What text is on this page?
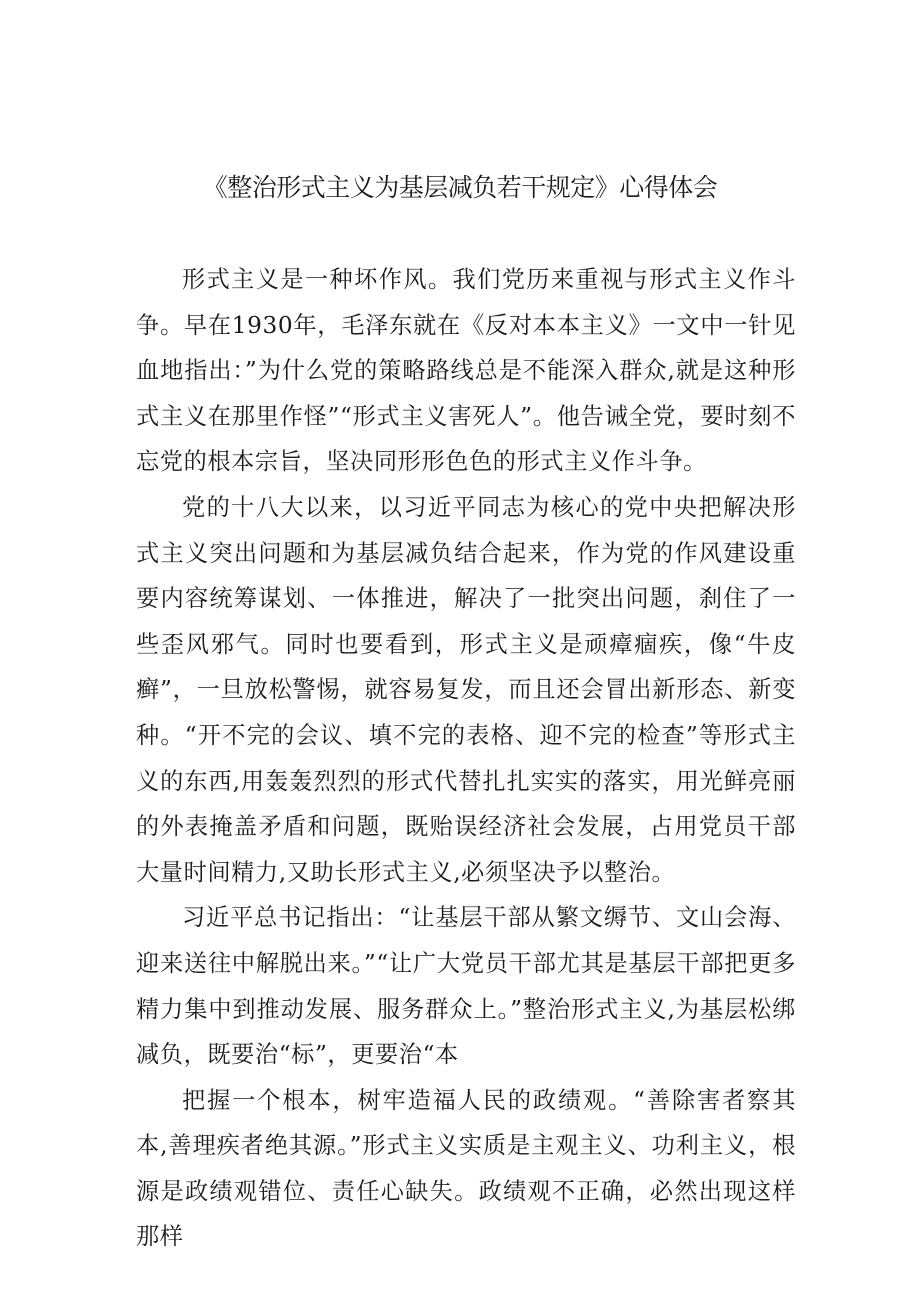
《整治形式主义为基层减负若干规定》心得体会

形式主义是一种坏作风。我们党历来重视与形式主义作斗争。早在1930年，毛泽东就在《反对本本主义》一文中一针见血地指出：”为什么党的策略路线总是不能深入群众,就是这种形式主义在那里作怪”“形式主义害死人”。他告诫全党，要时刻不忘党的根本宗旨，坚决同形形色色的形式主义作斗争。

党的十八大以来，以习近平同志为核心的党中央把解决形式主义突出问题和为基层减负结合起来，作为党的作风建设重要内容统筹谋划、一体推进，解决了一批突出问题，刹住了一些歪风邪气。同时也要看到，形式主义是顽瘴痼疾，像“牛皮癣”，一旦放松警惕，就容易复发，而且还会冒出新形态、新变种。“开不完的会议、填不完的表格、迎不完的检查”等形式主义的东西,用轰轰烈烈的形式代替扎扎实实的落实，用光鲜亮丽的外表掩盖矛盾和问题，既贻误经济社会发展，占用党员干部大量时间精力,又助长形式主义,必须坚决予以整治。

习近平总书记指出：“让基层干部从繁文缛节、文山会海、迎来送往中解脱出来。”“让广大党员干部尤其是基层干部把更多精力集中到推动发展、服务群众上。”整治形式主义,为基层松绑减负，既要治“标”，更要治“本

把握一个根本，树牢造福人民的政绩观。“善除害者察其本,善理疾者绝其源。”形式主义实质是主观主义、功利主义，根源是政绩观错位、责任心缺失。政绩观不正确，必然出现这样那样
